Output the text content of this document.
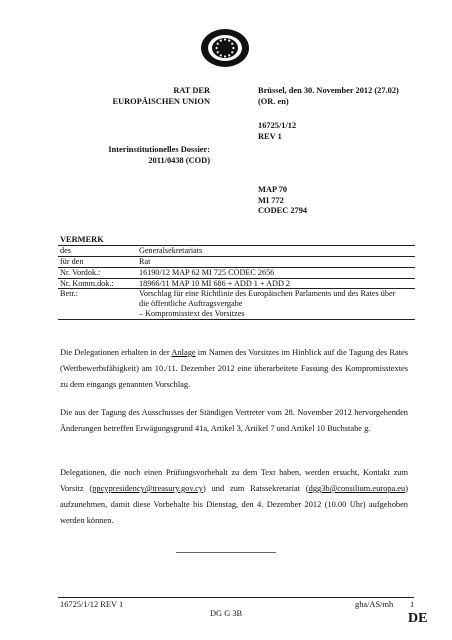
RAT DER
EUROPÄISCHEN UNION
Brüssel, den 30. November 2012 (27.02)
(OR. en)
16725/1/12
REV 1
Interinstitutionelles Dossier:
2011/0438 (COD)
MAP 70
MI 772
CODEC 2794
VERMERK
des	Generalsekretariats
für den	Rat
Nr. Vordok.:	16190/12 MAP 62 MI 725 CODEC 2656
Nr. Komm.dok.:	18966/11 MAP 10 MI 686 + ADD 1 + ADD 2
Betr.:	Vorschlag für eine Richtlinie des Europäischen Parlaments und des Rates über
die öffentliche Auftragsvergabe
– Kompromisstext des Vorsitzes
Die Delegationen erhalten in der Anlage im Namen des Vorsitzes im Hinblick auf die Tagung des Rates (Wettbewerbsfähigkeit) am 10./11. Dezember 2012 eine überarbeitete Fassung des Kompromisstextes zu dem eingangs genannten Vorschlag.
Die aus der Tagung des Ausschusses der Ständigen Vertreter vom 28. November 2012 hervorgehenden Änderungen betreffen Erwägungsgrund 41a, Artikel 3, Artikel 7 und Artikel 10 Buchstabe g.
Delegationen, die noch einen Prüfungsvorbehalt zu dem Text haben, werden ersucht, Kontakt zum Vorsitz (ppcypresidency@treasury.gov.cy) und zum Ratssekretariat (dgg3b@consilium.europa.eu) aufzunehmen, damit diese Vorbehalte bis Dienstag, den 4. Dezember 2012 (10.00 Uhr) aufgehoben werden können.
16725/1/12 REV 1
DG G 3B
gha/AS/mh 1
DE
